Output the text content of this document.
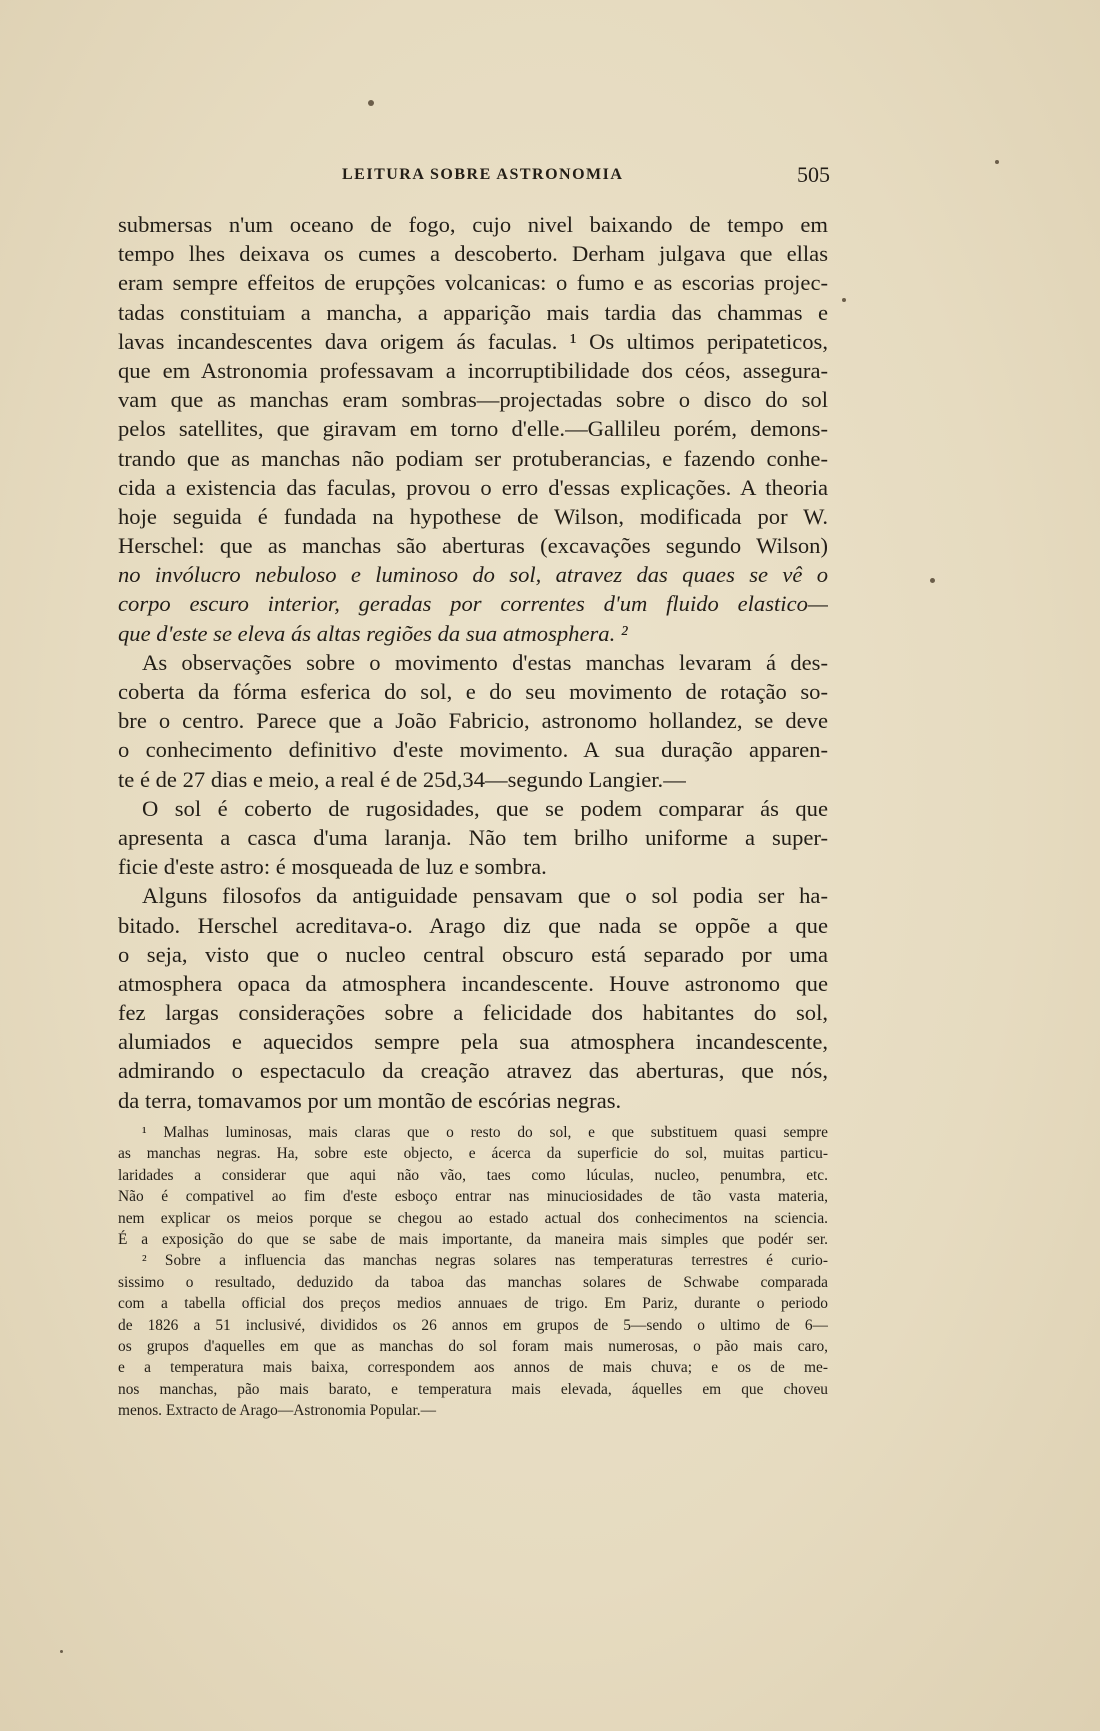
LEITURA SOBRE ASTRONOMIA	505
submersas n'um oceano de fogo, cujo nivel baixando de tempo em
tempo lhes deixava os cumes a descoberto. Derham julgava que ellas
eram sempre effeitos de erupções volcanicas: o fumo e as escorias projec-
tadas constituiam a mancha, a apparição mais tardia das chammas e
lavas incandescentes dava origem ás faculas. ¹ Os ultimos peripateticos,
que em Astronomia professavam a incorruptibilidade dos céos, assegura-
vam que as manchas eram sombras—projectadas sobre o disco do sol
pelos satellites, que giravam em torno d'elle.—Gallileu porém, demons-
trando que as manchas não podiam ser protuberancias, e fazendo conhe-
cida a existencia das faculas, provou o erro d'essas explicações. A theoria
hoje seguida é fundada na hypothese de Wilson, modificada por W.
Herschel: que as manchas são aberturas (excavações segundo Wilson)
no invólucro nebuloso e luminoso do sol, atravez das quaes se vê o
corpo escuro interior, geradas por correntes d'um fluido elastico—
que d'este se eleva ás altas regiões da sua atmosphera. ²
As observações sobre o movimento d'estas manchas levaram á des-
coberta da fórma esferica do sol, e do seu movimento de rotação so-
bre o centro. Parece que a João Fabricio, astronomo hollandez, se deve
o conhecimento definitivo d'este movimento. A sua duração apparen-
te é de 27 dias e meio, a real é de 25d,34—segundo Langier.—
O sol é coberto de rugosidades, que se podem comparar ás que
apresenta a casca d'uma laranja. Não tem brilho uniforme a super-
ficie d'este astro: é mosqueada de luz e sombra.
Alguns filosofos da antiguidade pensavam que o sol podia ser ha-
bitado. Herschel acreditava-o. Arago diz que nada se oppõe a que
o seja, visto que o nucleo central obscuro está separado por uma
atmosphera opaca da atmosphera incandescente. Houve astronomo que
fez largas considerações sobre a felicidade dos habitantes do sol,
alumiados e aquecidos sempre pela sua atmosphera incandescente,
admirando o espectaculo da creação atravez das aberturas, que nós,
da terra, tomavamos por um montão de escórias negras.
¹ Malhas luminosas, mais claras que o resto do sol, e que substituem quasi sempre
as manchas negras. Ha, sobre este objecto, e ácerca da superficie do sol, muitas particu-
laridades a considerar que aqui não vão, taes como lúculas, nucleo, penumbra, etc.
Não é compativel ao fim d'este esboço entrar nas minuciosidades de tão vasta materia,
nem explicar os meios porque se chegou ao estado actual dos conhecimentos na sciencia.
É a exposição do que se sabe de mais importante, da maneira mais simples que podér ser.
² Sobre a influencia das manchas negras solares nas temperaturas terrestres é curio-
sissimo o resultado, deduzido da taboa das manchas solares de Schwabe comparada
com a tabella official dos preços medios annuaes de trigo. Em Pariz, durante o periodo
de 1826 a 51 inclusivé, divididos os 26 annos em grupos de 5—sendo o ultimo de 6—
os grupos d'aquelles em que as manchas do sol foram mais numerosas, o pão mais caro,
e a temperatura mais baixa, correspondem aos annos de mais chuva; e os de me-
nos manchas, pão mais barato, e temperatura mais elevada, áquelles em que choveu
menos. Extracto de Arago—Astronomia Popular.—
